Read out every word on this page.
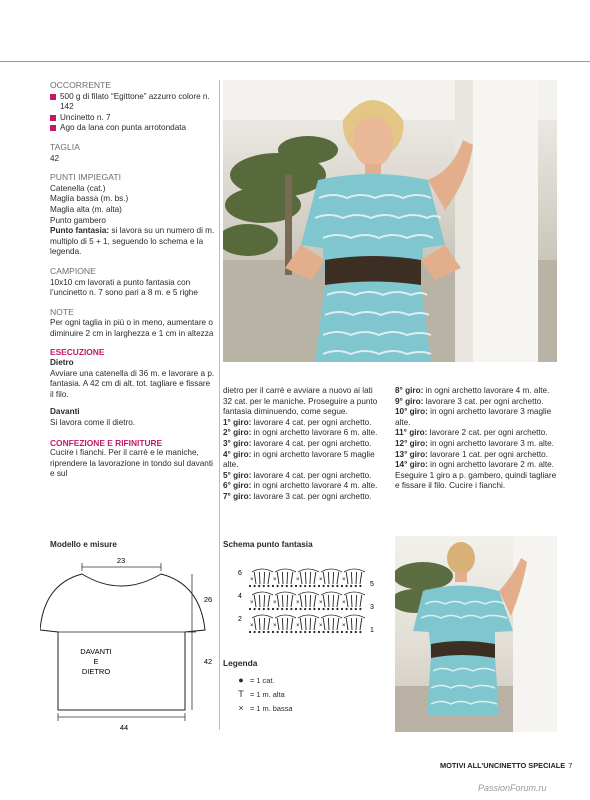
OCCORRENTE
500 g di filato “Egittone” azzurro colore n. 142
Uncinetto n. 7
Ago da lana con punta arrotondata
TAGLIA
42
PUNTI IMPIEGATI
Catenella (cat.)
Maglia bassa (m. bs.)
Maglia alta (m. alta)
Punto gambero
Punto fantasia: si lavora su un numero di m. multiplo di 5 + 1, seguendo lo schema e la legenda.
CAMPIONE
10x10 cm lavorati a punto fantasia con l’uncinetto n. 7 sono pari a 8 m. e 5 righe
NOTE
Per ogni taglia in più o in meno, aumentare o diminuire 2 cm in larghezza e 1 cm in altezza
ESECUZIONE
Dietro
Avviare una catenella di 36 m. e lavorare a p. fantasia. A 42 cm di alt. tot. tagliare e fissare il filo.
Davanti
Si lavora come il dietro.
CONFEZIONE E RIFINITURE
Cucire i fianchi. Per il carrè e le maniche, riprendere la lavorazione in tondo sul davanti e sul
dietro per il carrè e avviare a nuovo ai lati 32 cat. per le maniche. Proseguire a punto fantasia diminuendo, come segue.
1° giro: lavorare 4 cat. per ogni archetto.
2° giro: in ogni archetto lavorare 6 m. alte.
3° giro: lavorare 4 cat. per ogni archetto.
4° giro: in ogni archetto lavorare 5 maglie alte.
5° giro: lavorare 4 cat. per ogni archetto.
6° giro: in ogni archetto lavorare 4 m. alte.
7° giro: lavorare 3 cat. per ogni archetto.
8° giro: in ogni archetto lavorare 4 m. alte.
9° giro: lavorare 3 cat. per ogni archetto.
10° giro: in ogni archetto lavorare 3 maglie alte.
11° giro: lavorare 2 cat. per ogni archetto.
12° giro: in ogni archetto lavorare 3 m. alte.
13° giro: lavorare 1 cat. per ogni archetto.
14° giro: in ogni archetto lavorare 2 m. alte.
Eseguire 1 giro a p. gambero, quindi tagliare e fissare il filo. Cucire i fianchi.
Modello e misure
23
DAVANTI
E
DIETRO
26
42
44
Schema punto fantasia
6
4
2
5
3
1
×	×	×	×	×
×	×	×	×	×
×	×	×	×	×
Legenda
● = 1 cat.
T = 1 m. alta
× = 1 m. bassa
MOTIVI ALL’UNCINETTO SPECIALE 7
PassionForum.ru
